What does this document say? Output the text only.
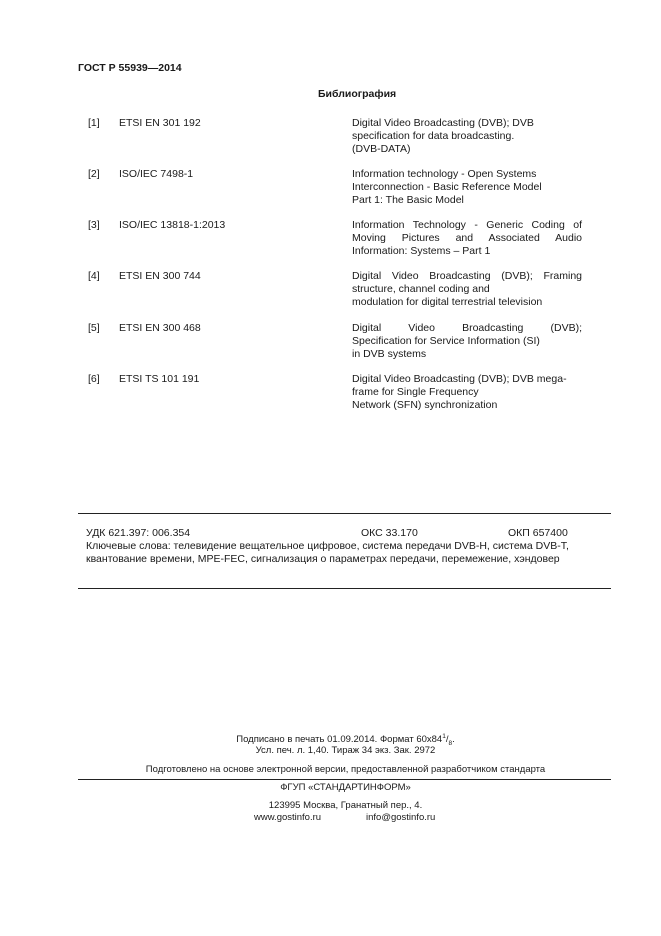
ГОСТ Р 55939—2014
Библиография
[1] ETSI EN 301 192	Digital Video Broadcasting (DVB); DVB
specification for data broadcasting.
(DVB-DATA)
[2] ISO/IEC 7498-1	Information technology - Open Systems
Interconnection - Basic Reference Model
Part 1: The Basic Model
[3] ISO/IEC 13818-1:2013	Information Technology - Generic Coding of
Moving Pictures and Associated Audio
Information: Systems – Part 1
[4] ETSI EN 300 744	Digital Video Broadcasting (DVB); Framing
structure, channel coding and
modulation for digital terrestrial television
[5] ETSI EN 300 468	Digital Video Broadcasting (DVB);
Specification for Service Information (SI)
in DVB systems
[6] ETSI TS 101 191	Digital Video Broadcasting (DVB); DVB mega-
frame for Single Frequency
Network (SFN) synchronization
УДК 621.397: 006.354	ОКС 33.170	ОКП 657400
Ключевые слова: телевидение вещательное цифровое, система передачи DVB-H, система DVB-T,
квантование времени, MPE-FEC, сигнализация о параметрах передачи, перемежение, хэндовер
Подписано в печать 01.09.2014. Формат $60x84^1/_8$.
Усл. печ. л. 1,40. Тираж 34 экз. Зак. 2972
Подготовлено на основе электронной версии, предоставленной разработчиком стандарта
ФГУП «СТАНДАРТИНФОРМ»
123995 Москва, Гранатный пер., 4.
www.gostinfo.ru	info@gostinfo.ru
